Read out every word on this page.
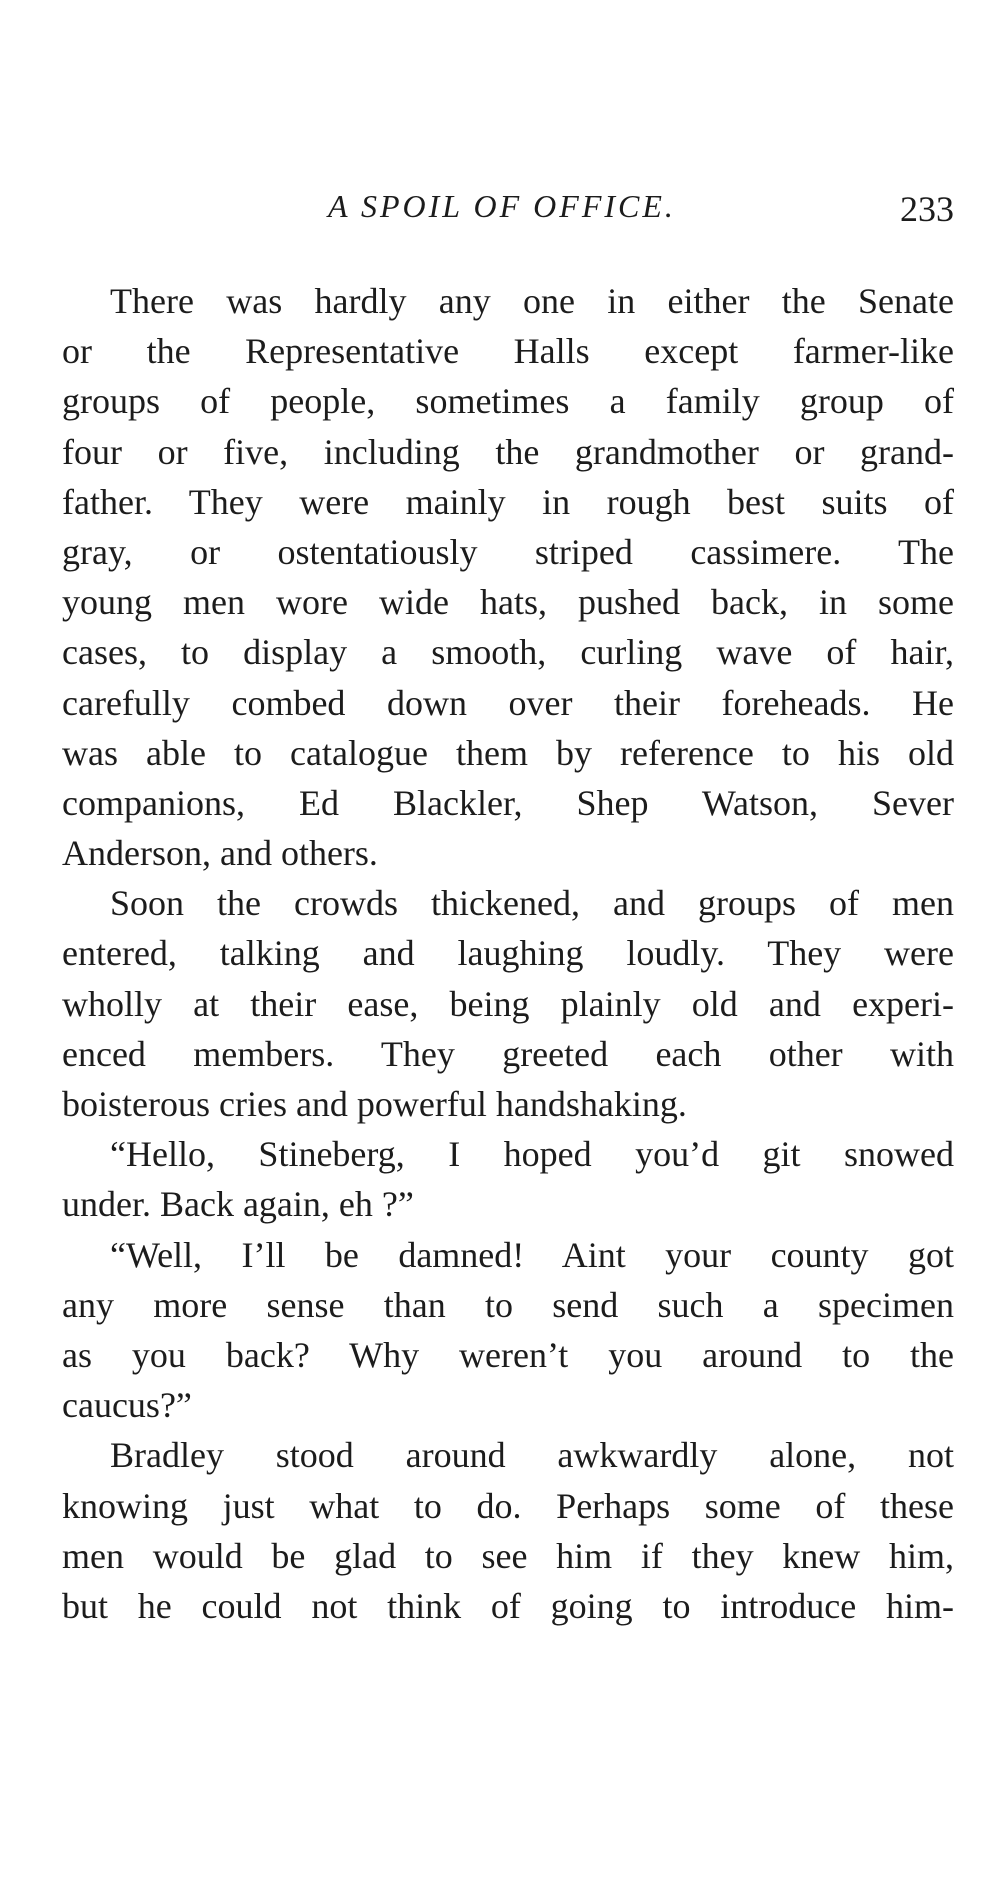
A SPOIL OF OFFICE.	233
There was hardly any one in either the Senate
or the Representative Halls except farmer-like
groups of people, sometimes a family group of
four or five, including the grandmother or grand-
father. They were mainly in rough best suits of
gray, or ostentatiously striped cassimere. The
young men wore wide hats, pushed back, in some
cases, to display a smooth, curling wave of hair,
carefully combed down over their foreheads. He
was able to catalogue them by reference to his old
companions, Ed Blackler, Shep Watson, Sever
Anderson, and others.
Soon the crowds thickened, and groups of men
entered, talking and laughing loudly. They were
wholly at their ease, being plainly old and experi-
enced members. They greeted each other with
boisterous cries and powerful handshaking.
“Hello, Stineberg, I hoped you’d git snowed
under. Back again, eh ?”
“Well, I’ll be damned! Aint your county got
any more sense than to send such a specimen
as you back? Why weren’t you around to the
caucus?”
Bradley stood around awkwardly alone, not
knowing just what to do. Perhaps some of these
men would be glad to see him if they knew him,
but he could not think of going to introduce him-
